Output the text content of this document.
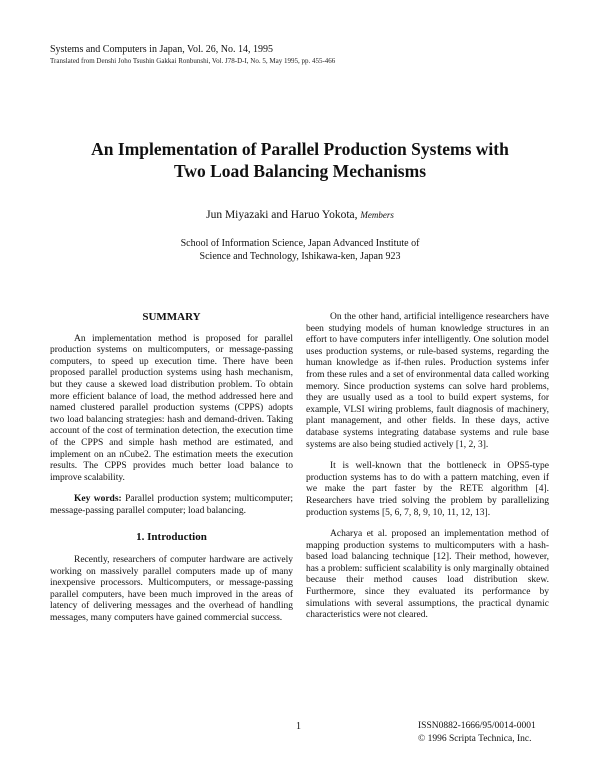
Systems and Computers in Japan, Vol. 26, No. 14, 1995
Translated from Denshi Joho Tsushin Gakkai Ronbunshi, Vol. J78-D-I, No. 5, May 1995, pp. 455-466
An Implementation of Parallel Production Systems with
Two Load Balancing Mechanisms
Jun Miyazaki and Haruo Yokota, Members
School of Information Science, Japan Advanced Institute of
Science and Technology, Ishikawa-ken, Japan 923
SUMMARY

An implementation method is proposed for parallel production systems on multicomputers, or message-passing computers, to speed up execution time. There have been proposed parallel production systems using hash mechanism, but they cause a skewed load distribution problem. To obtain more efficient balance of load, the method addressed here and named clustered parallel production systems (CPPS) adopts two load balancing strategies: hash and demand-driven. Taking account of the cost of termination detection, the execution time of the CPPS and simple hash method are estimated, and implement on an nCube2. The estimation meets the execution results. The CPPS provides much better load balance to improve scalability.

Key words: Parallel production system; multicomputer; message-passing parallel computer; load balancing.

1. Introduction

Recently, researchers of computer hardware are actively working on massively parallel computers made up of many inexpensive processors. Multicomputers, or message-passing parallel computers, have been much improved in the areas of latency of delivering messages and the overhead of handling messages, many computers have gained commercial success.

On the other hand, artificial intelligence researchers have been studying models of human knowledge structures in an effort to have computers infer intelligently. One solution model uses production systems, or rule-based systems, regarding the human knowledge as if-then rules. Production systems infer from these rules and a set of environmental data called working memory. Since production systems can solve hard problems, they are usually used as a tool to build expert systems, for example, VLSI wiring problems, fault diagnosis of machinery, plant management, and other fields. In these days, active database systems integrating database systems and rule base systems are also being studied actively [1, 2, 3].

It is well-known that the bottleneck in OPS5-type production systems has to do with a pattern matching, even if we make the part faster by the RETE algorithm [4]. Researchers have tried solving the problem by parallelizing production systems [5, 6, 7, 8, 9, 10, 11, 12, 13].

Acharya et al. proposed an implementation method of mapping production systems to multicomputers with a hash-based load balancing technique [12]. Their method, however, has a problem: sufficient scalability is only marginally obtained because their method causes load distribution skew. Furthermore, since they evaluated its performance by simulations with several assumptions, the practical dynamic characteristics were not cleared.

1	ISSN0882-1666/95/0014-0001
© 1996 Scripta Technica, Inc.
